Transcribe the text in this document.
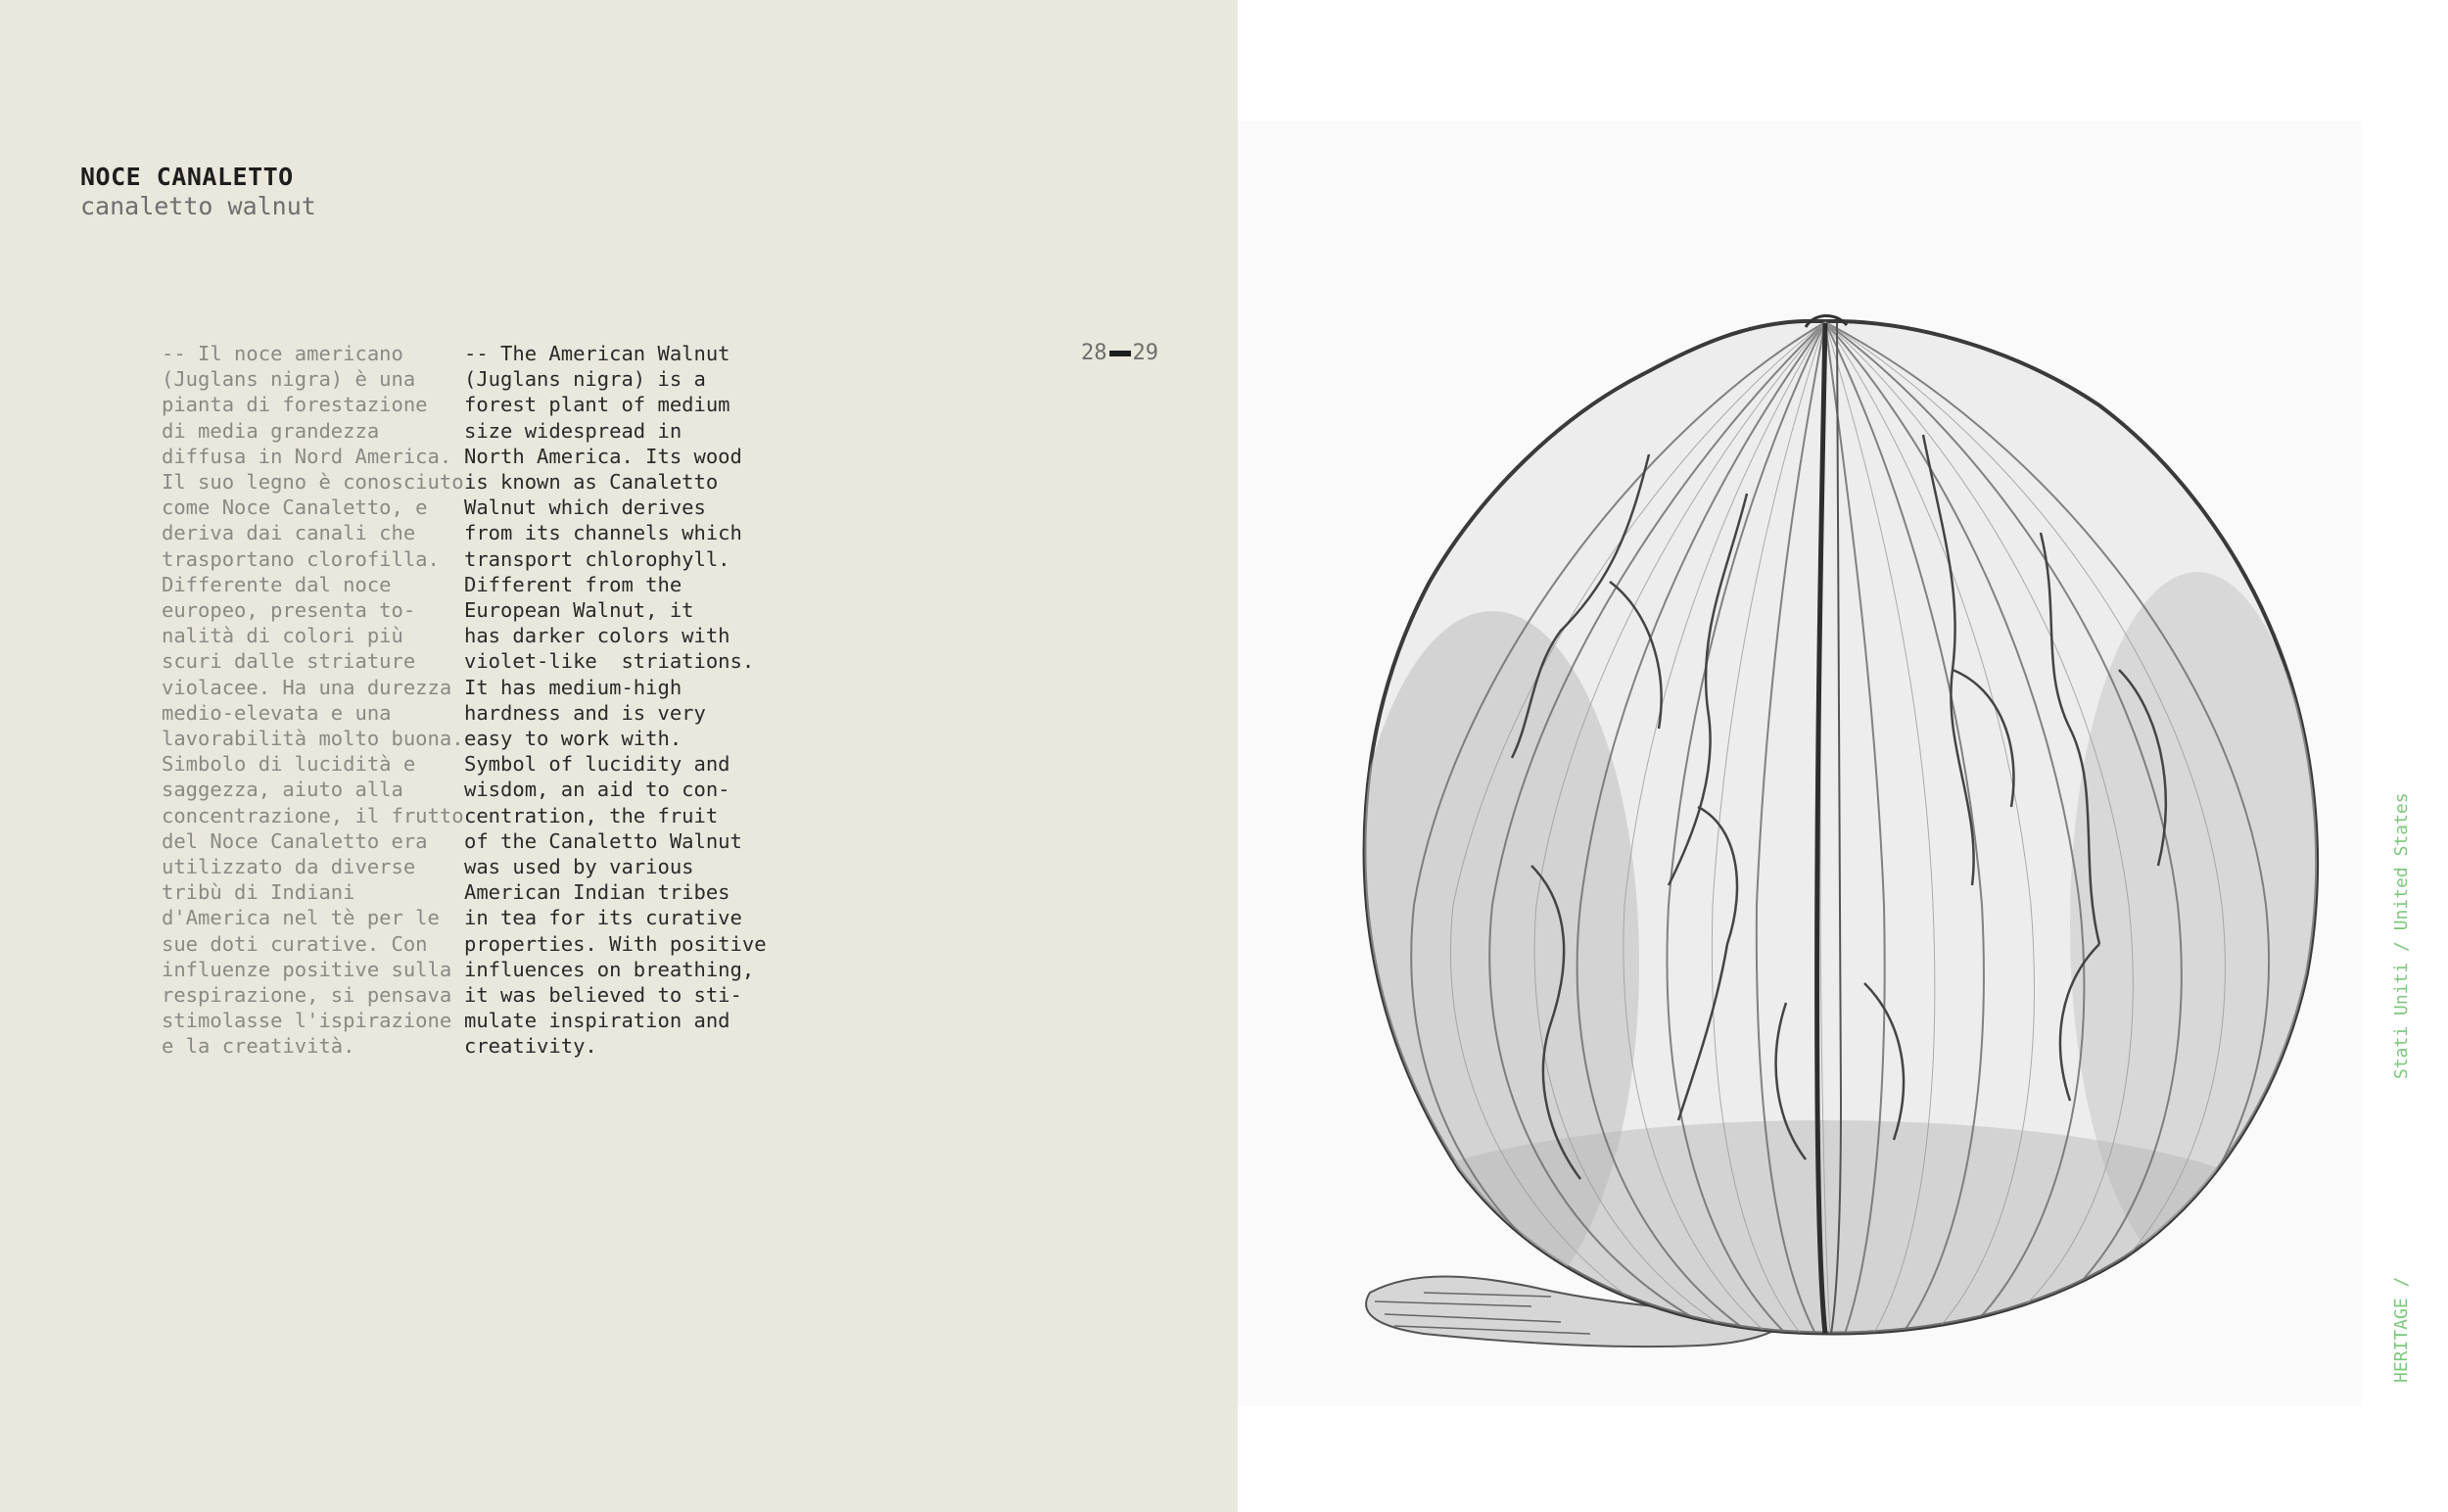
NOCE CANALETTO
canaletto walnut
-- Il noce americano
(Juglans nigra) è una
pianta di forestazione
di media grandezza
diffusa in Nord America.
Il suo legno è conosciuto
come Noce Canaletto, e
deriva dai canali che
trasportano clorofilla.
Differente dal noce
europeo, presenta to-
nalità di colori più
scuri dalle striature
violacee. Ha una durezza
medio-elevata e una
lavorabilità molto buona.
Simbolo di lucidità e
saggezza, aiuto alla
concentrazione, il frutto
del Noce Canaletto era
utilizzato da diverse
tribù di Indiani
d'America nel tè per le
sue doti curative. Con
influenze positive sulla
respirazione, si pensava
stimolasse l'ispirazione
e la creatività.
-- The American Walnut
(Juglans nigra) is a
forest plant of medium
size widespread in
North America. Its wood
is known as Canaletto
Walnut which derives
from its channels which
transport chlorophyll.
Different from the
European Walnut, it
has darker colors with
violet-like  striations.
It has medium-high
hardness and is very
easy to work with.
Symbol of lucidity and
wisdom, an aid to con-
centration, the fruit
of the Canaletto Walnut
was used by various
American Indian tribes
in tea for its curative
properties. With positive
influences on breathing,
it was believed to sti-
mulate inspiration and
creativity.
28 29
HERITAGE /
Stati Uniti / United States
